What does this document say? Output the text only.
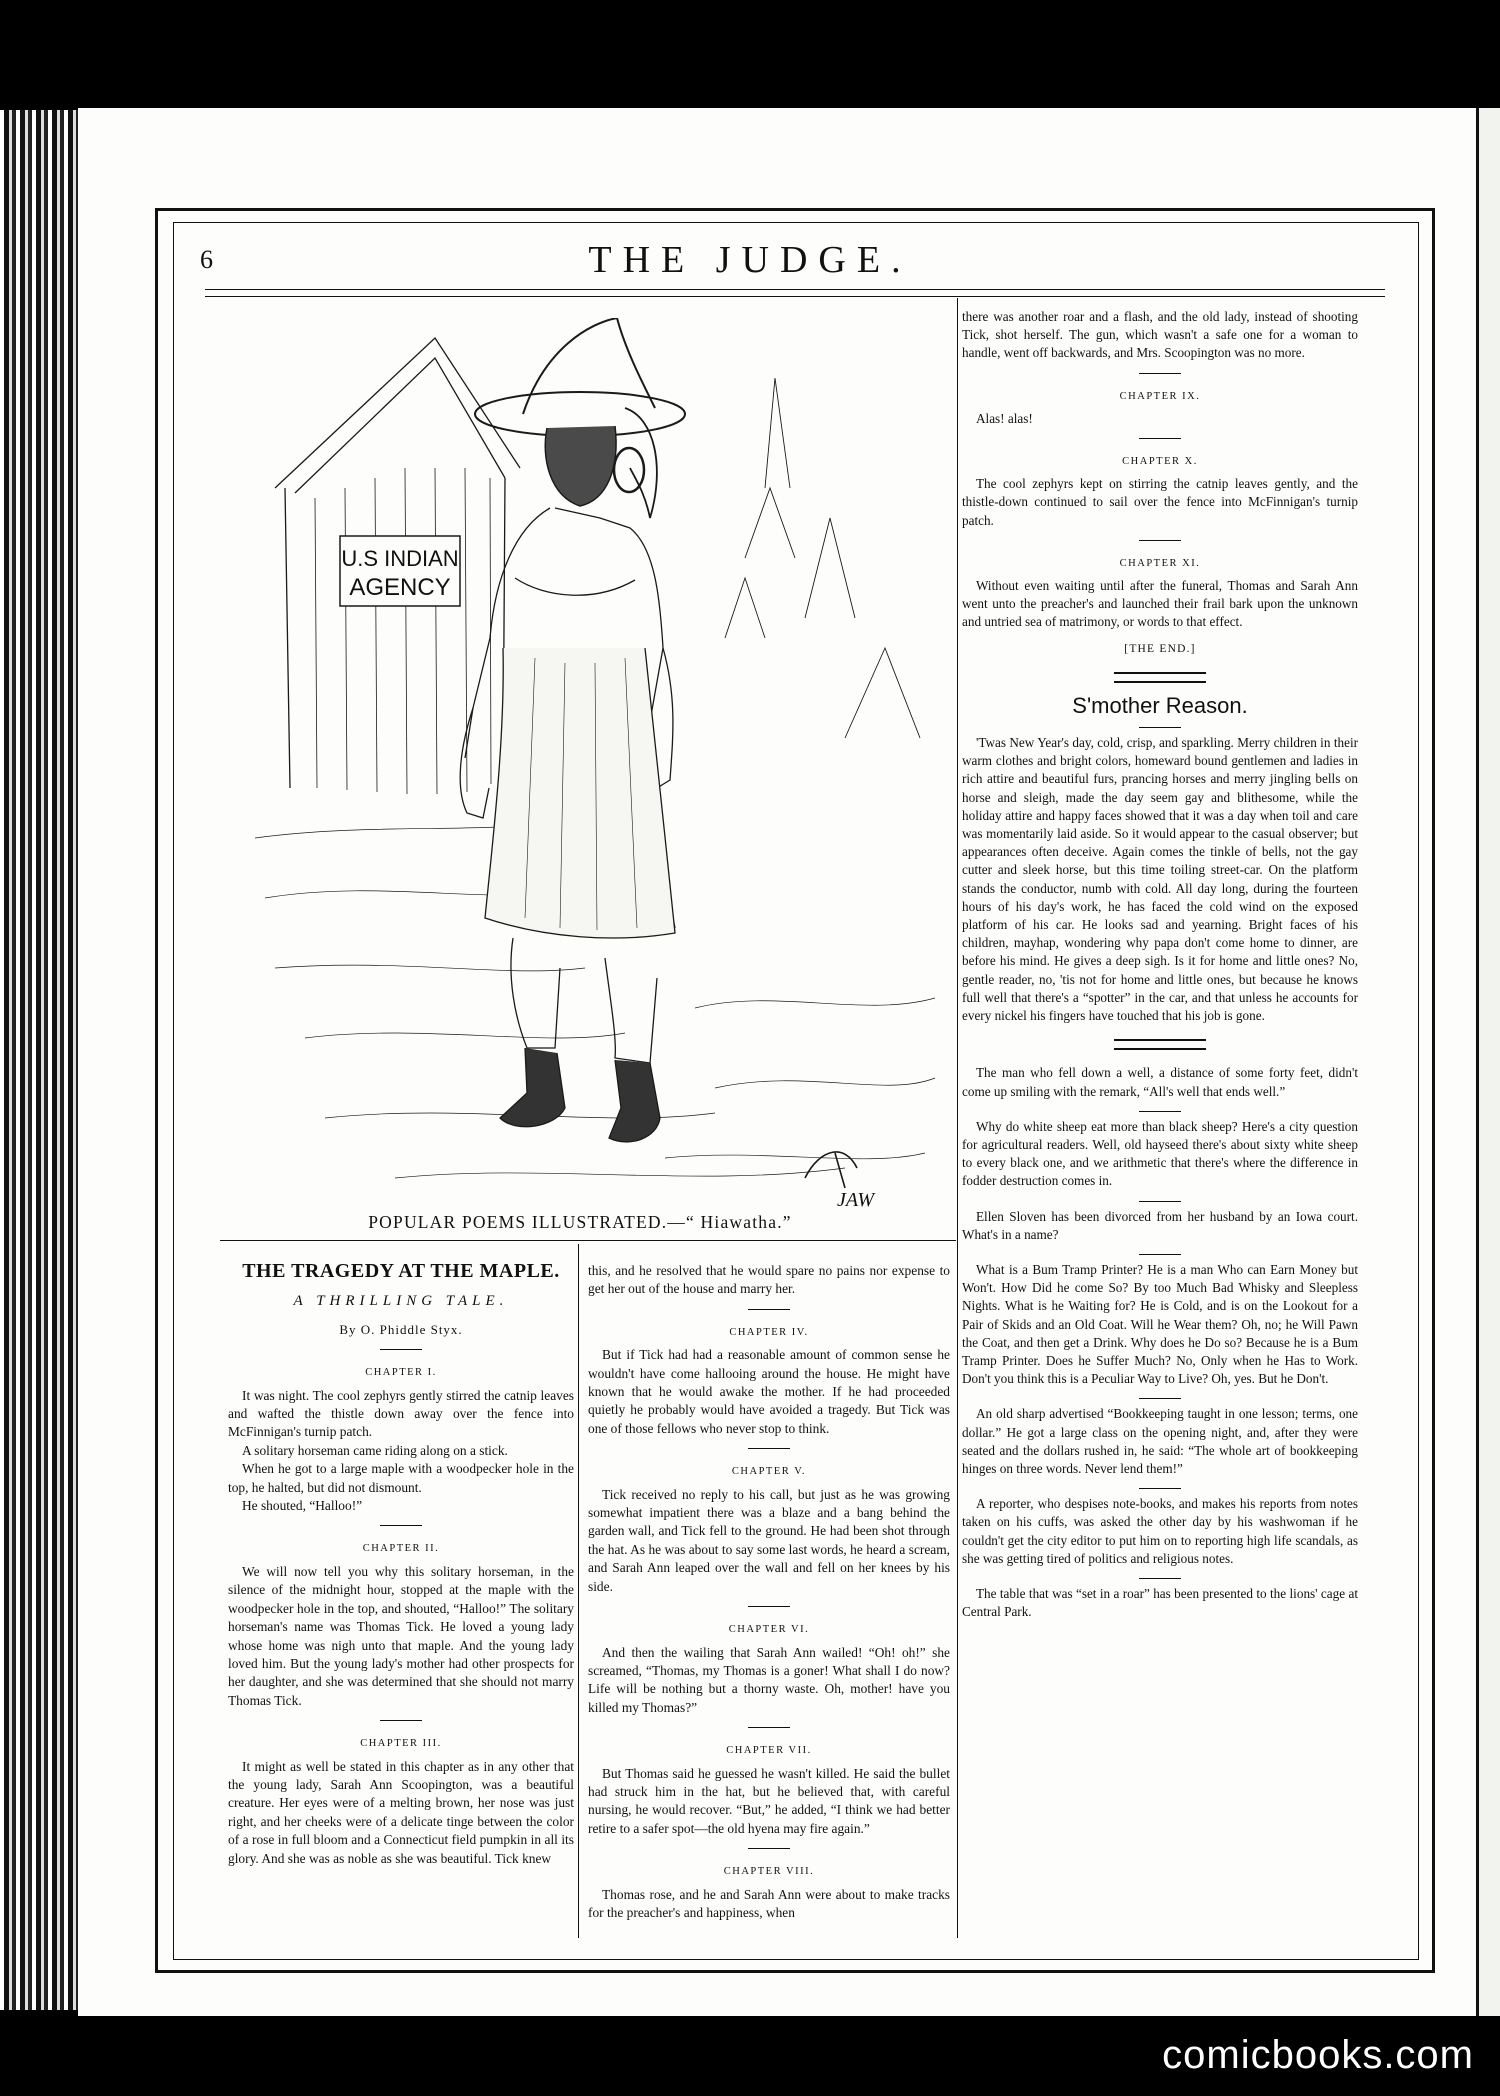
6	THE JUDGE.
U.S INDIAN
AGENCY
JAW
POPULAR POEMS ILLUSTRATED.—“ Hiawatha.”
THE TRAGEDY AT THE MAPLE.
A THRILLING TALE.
By O. Phiddle Styx.
CHAPTER I.

It was night. The cool zephyrs gently stirred the catnip leaves and wafted the thistle down away over the fence into McFinnigan's turnip patch.

A solitary horseman came riding along on a stick.

When he got to a large maple with a woodpecker hole in the top, he halted, but did not dismount.

He shouted, “Halloo!”

CHAPTER II.

We will now tell you why this solitary horseman, in the silence of the midnight hour, stopped at the maple with the woodpecker hole in the top, and shouted, “Halloo!” The solitary horseman's name was Thomas Tick. He loved a young lady whose home was nigh unto that maple. And the young lady loved him. But the young lady's mother had other prospects for her daughter, and she was determined that she should not marry Thomas Tick.

CHAPTER III.

It might as well be stated in this chapter as in any other that the young lady, Sarah Ann Scoopington, was a beautiful creature. Her eyes were of a melting brown, her nose was just right, and her cheeks were of a delicate tinge between the color of a rose in full bloom and a Connecticut field pumpkin in all its glory. And she was as noble as she was beautiful. Tick knew

this, and he resolved that he would spare no pains nor expense to get her out of the house and marry her.

CHAPTER IV.

But if Tick had had a reasonable amount of common sense he wouldn't have come hallooing around the house. He might have known that he would awake the mother. If he had proceeded quietly he probably would have avoided a tragedy. But Tick was one of those fellows who never stop to think.

CHAPTER V.

Tick received no reply to his call, but just as he was growing somewhat impatient there was a blaze and a bang behind the garden wall, and Tick fell to the ground. He had been shot through the hat. As he was about to say some last words, he heard a scream, and Sarah Ann leaped over the wall and fell on her knees by his side.

CHAPTER VI.

And then the wailing that Sarah Ann wailed! “Oh! oh!” she screamed, “Thomas, my Thomas is a goner! What shall I do now? Life will be nothing but a thorny waste. Oh, mother! have you killed my Thomas?”

CHAPTER VII.

But Thomas said he guessed he wasn't killed. He said the bullet had struck him in the hat, but he believed that, with careful nursing, he would recover. “But,” he added, “I think we had better retire to a safer spot—the old hyena may fire again.”

CHAPTER VIII.

Thomas rose, and he and Sarah Ann were about to make tracks for the preacher's and happiness, when

there was another roar and a flash, and the old lady, instead of shooting Tick, shot herself. The gun, which wasn't a safe one for a woman to handle, went off backwards, and Mrs. Scoopington was no more.

CHAPTER IX.

Alas! alas!

CHAPTER X.

The cool zephyrs kept on stirring the catnip leaves gently, and the thistle-down continued to sail over the fence into McFinnigan's turnip patch.

CHAPTER XI.

Without even waiting until after the funeral, Thomas and Sarah Ann went unto the preacher's and launched their frail bark upon the unknown and untried sea of matrimony, or words to that effect.

[THE END.]
S'mother Reason.

'Twas New Year's day, cold, crisp, and sparkling. Merry children in their warm clothes and bright colors, homeward bound gentlemen and ladies in rich attire and beautiful furs, prancing horses and merry jingling bells on horse and sleigh, made the day seem gay and blithesome, while the holiday attire and happy faces showed that it was a day when toil and care was momentarily laid aside. So it would appear to the casual observer; but appearances often deceive. Again comes the tinkle of bells, not the gay cutter and sleek horse, but this time toiling street-car. On the platform stands the conductor, numb with cold. All day long, during the fourteen hours of his day's work, he has faced the cold wind on the exposed platform of his car. He looks sad and yearning. Bright faces of his children, mayhap, wondering why papa don't come home to dinner, are before his mind. He gives a deep sigh. Is it for home and little ones? No, gentle reader, no, 'tis not for home and little ones, but because he knows full well that there's a “spotter” in the car, and that unless he accounts for every nickel his fingers have touched that his job is gone.

The man who fell down a well, a distance of some forty feet, didn't come up smiling with the remark, “All's well that ends well.”

Why do white sheep eat more than black sheep? Here's a city question for agricultural readers. Well, old hayseed there's about sixty white sheep to every black one, and we arithmetic that there's where the difference in fodder destruction comes in.

Ellen Sloven has been divorced from her husband by an Iowa court. What's in a name?

What is a Bum Tramp Printer? He is a man Who can Earn Money but Won't. How Did he come So? By too Much Bad Whisky and Sleepless Nights. What is he Waiting for? He is Cold, and is on the Lookout for a Pair of Skids and an Old Coat. Will he Wear them? Oh, no; he Will Pawn the Coat, and then get a Drink. Why does he Do so? Because he is a Bum Tramp Printer. Does he Suffer Much? No, Only when he Has to Work. Don't you think this is a Peculiar Way to Live? Oh, yes. But he Don't.

An old sharp advertised “Bookkeeping taught in one lesson; terms, one dollar.” He got a large class on the opening night, and, after they were seated and the dollars rushed in, he said: “The whole art of bookkeeping hinges on three words. Never lend them!”

A reporter, who despises note-books, and makes his reports from notes taken on his cuffs, was asked the other day by his washwoman if he couldn't get the city editor to put him on to reporting high life scandals, as she was getting tired of politics and religious notes.

The table that was “set in a roar” has been presented to the lions' cage at Central Park.

comicbooks.com
